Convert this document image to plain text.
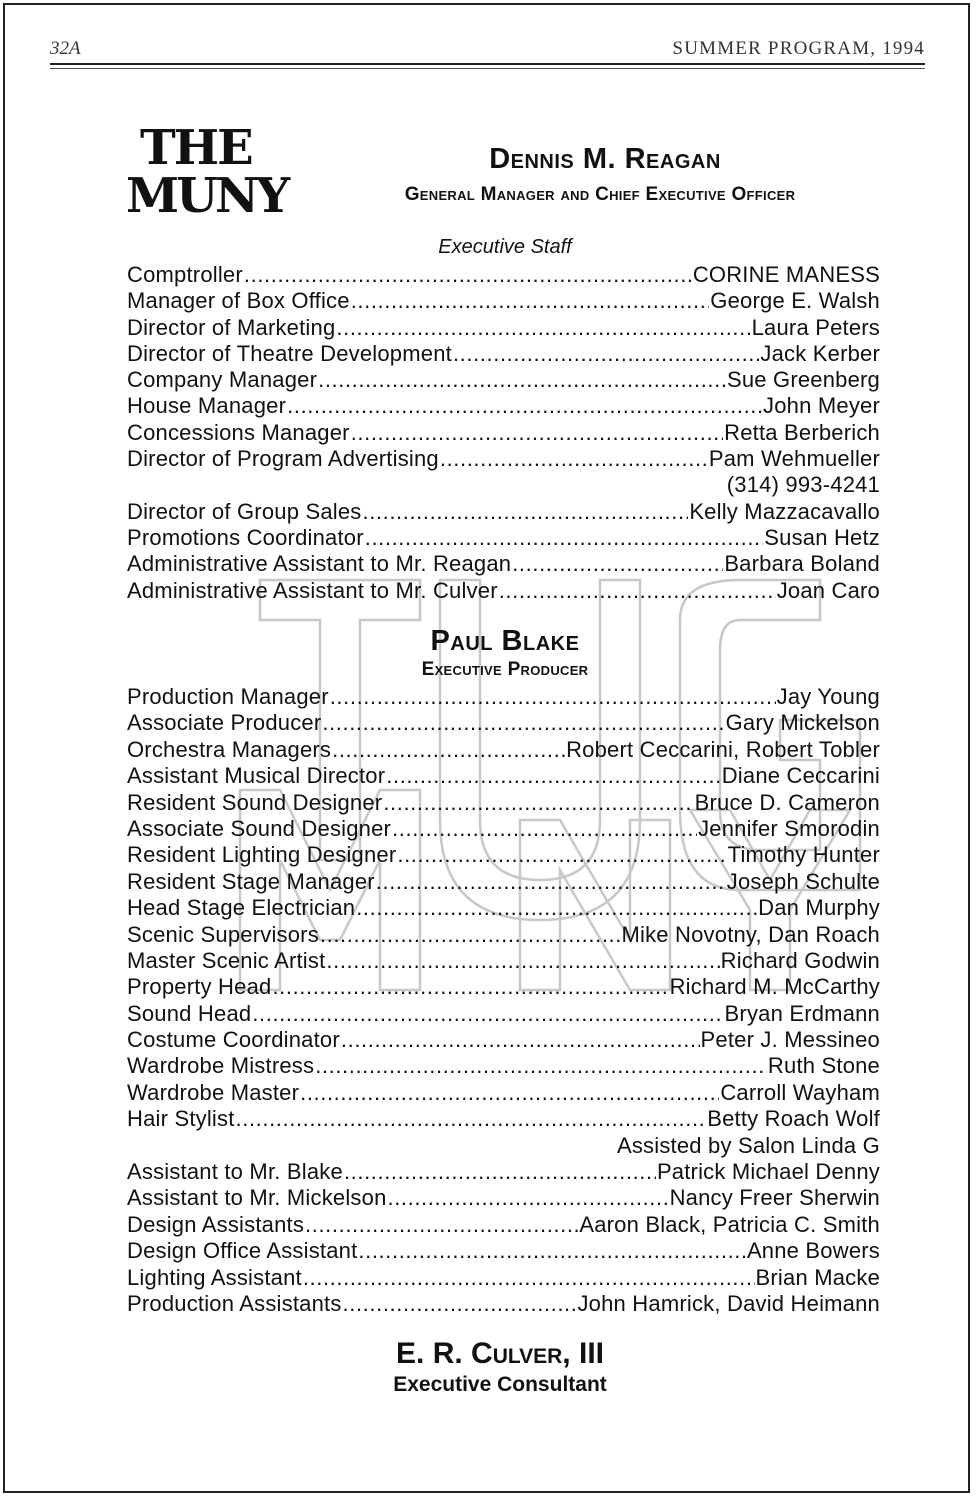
32A	SUMMER PROGRAM, 1994
THE
MUNY
Dennis M. Reagan
General Manager and Chief Executive Officer
Executive Staff
Comptroller .....	CORINE MANESS
Manager of Box Office .....	George E. Walsh
Director of Marketing .....	Laura Peters
Director of Theatre Development .....	Jack Kerber
Company Manager .....	Sue Greenberg
House Manager .....	John Meyer
Concessions Manager .....	Retta Berberich
Director of Program Advertising .....	Pam Wehmueller
(314) 993-4241
Director of Group Sales .....	Kelly Mazzacavallo
Promotions Coordinator .....	Susan Hetz
Administrative Assistant to Mr. Reagan .....	Barbara Boland
Administrative Assistant to Mr. Culver .....	Joan Caro
Paul Blake
Executive Producer
Production Manager .....	Jay Young
Associate Producer .....	Gary Mickelson
Orchestra Managers .....	Robert Ceccarini, Robert Tobler
Assistant Musical Director .....	Diane Ceccarini
Resident Sound Designer .....	Bruce D. Cameron
Associate Sound Designer .....	Jennifer Smorodin
Resident Lighting Designer .....	Timothy Hunter
Resident Stage Manager .....	Joseph Schulte
Head Stage Electrician .....	Dan Murphy
Scenic Supervisors .....	Mike Novotny, Dan Roach
Master Scenic Artist .....	Richard Godwin
Property Head .....	Richard M. McCarthy
Sound Head .....	Bryan Erdmann
Costume Coordinator .....	Peter J. Messineo
Wardrobe Mistress .....	Ruth Stone
Wardrobe Master .....	Carroll Wayham
Hair Stylist .....	Betty Roach Wolf
Assisted by Salon Linda G
Assistant to Mr. Blake .....	Patrick Michael Denny
Assistant to Mr. Mickelson .....	Nancy Freer Sherwin
Design Assistants .....	Aaron Black, Patricia C. Smith
Design Office Assistant .....	Anne Bowers
Lighting Assistant .....	Brian Macke
Production Assistants .....	John Hamrick, David Heimann
E. R. Culver, III
Executive Consultant
